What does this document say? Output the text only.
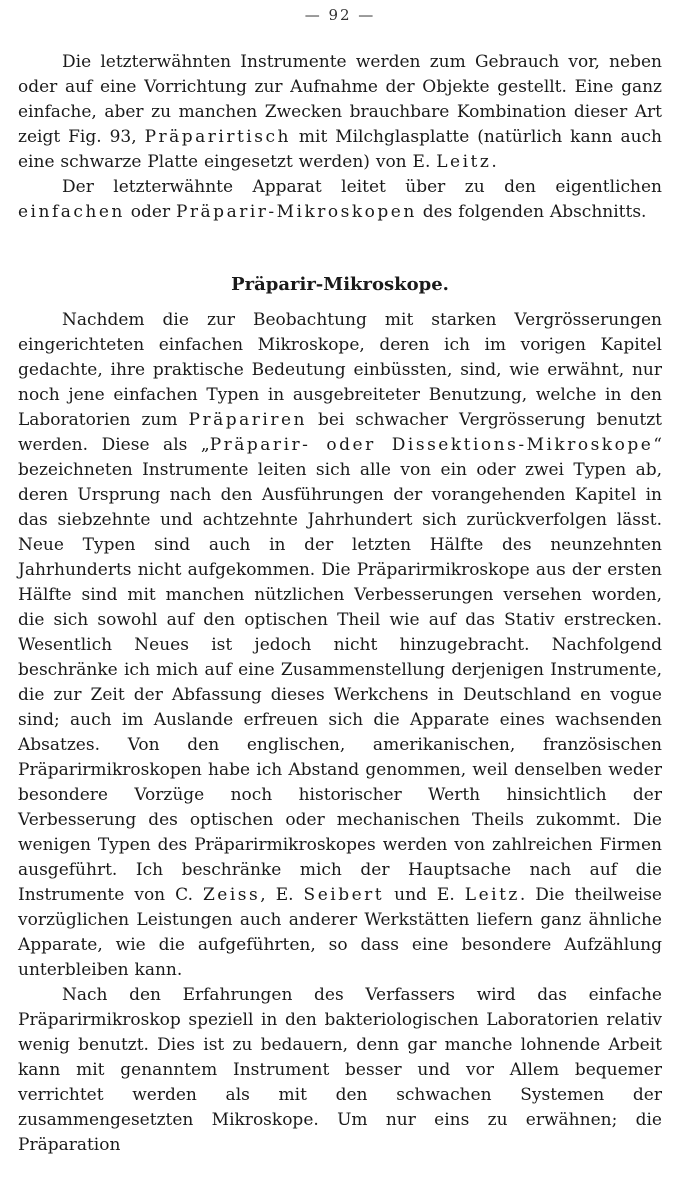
— 92 —

Die letzterwähnten Instrumente werden zum Gebrauch vor, neben oder auf eine Vorrichtung zur Aufnahme der Objekte gestellt. Eine ganz einfache, aber zu manchen Zwecken brauchbare Kombination dieser Art zeigt Fig. 93, Präparirtisch mit Milchglasplatte (natürlich kann auch eine schwarze Platte eingesetzt werden) von E. Leitz.

Der letzterwähnte Apparat leitet über zu den eigentlichen einfachen oder Präparir-Mikroskopen des folgenden Abschnitts.

Präparir-Mikroskope.

Nachdem die zur Beobachtung mit starken Vergrösserungen eingerichteten einfachen Mikroskope, deren ich im vorigen Kapitel gedachte, ihre praktische Bedeutung einbüssten, sind, wie erwähnt, nur noch jene einfachen Typen in ausgebreiteter Benutzung, welche in den Laboratorien zum Präpariren bei schwacher Vergrösserung benutzt werden. Diese als „Präparir- oder Dissektions-Mikroskope“ bezeichneten Instrumente leiten sich alle von ein oder zwei Typen ab, deren Ursprung nach den Ausführungen der vorangehenden Kapitel in das siebzehnte und achtzehnte Jahrhundert sich zurückverfolgen lässt. Neue Typen sind auch in der letzten Hälfte des neunzehnten Jahrhunderts nicht aufgekommen. Die Präparirmikroskope aus der ersten Hälfte sind mit manchen nützlichen Verbesserungen versehen worden, die sich sowohl auf den optischen Theil wie auf das Stativ erstrecken. Wesentlich Neues ist jedoch nicht hinzugebracht. Nachfolgend beschränke ich mich auf eine Zusammenstellung derjenigen Instrumente, die zur Zeit der Abfassung dieses Werkchens in Deutschland en vogue sind; auch im Auslande erfreuen sich die Apparate eines wachsenden Absatzes. Von den englischen, amerikanischen, französischen Präparirmikroskopen habe ich Abstand genommen, weil denselben weder besondere Vorzüge noch historischer Werth hinsichtlich der Verbesserung des optischen oder mechanischen Theils zukommt. Die wenigen Typen des Präparirmikroskopes werden von zahlreichen Firmen ausgeführt. Ich beschränke mich der Hauptsache nach auf die Instrumente von C. Zeiss, E. Seibert und E. Leitz. Die theilweise vorzüglichen Leistungen auch anderer Werkstätten liefern ganz ähnliche Apparate, wie die aufgeführten, so dass eine besondere Aufzählung unterbleiben kann.

Nach den Erfahrungen des Verfassers wird das einfache Präparirmikroskop speziell in den bakteriologischen Laboratorien relativ wenig benutzt. Dies ist zu bedauern, denn gar manche lohnende Arbeit kann mit genanntem Instrument besser und vor Allem bequemer verrichtet werden als mit den schwachen Systemen der zusammengesetzten Mikroskope. Um nur eins zu erwähnen; die Präparation
